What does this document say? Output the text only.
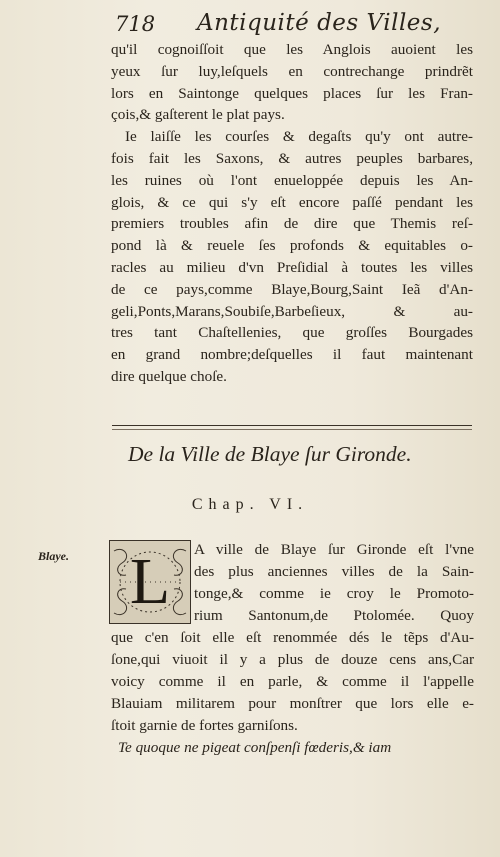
718 Antiquité des Villes,
qu'il cognoiſſoit que les Anglois auoient les
yeux ſur luy,leſquels en contrechange prindrẽt
lors en Saintonge quelques places ſur les Fran-
çois,& gaſterent le plat pays.
Ie laiſſe les courſes & degaſts qu'y ont autre-
fois fait les Saxons, & autres peuples barbares,
les ruines où l'ont enueloppée depuis les An-
glois, & ce qui s'y eſt encore paſſé pendant les
premiers troubles afin de dire que Themis reſ-
pond là & reuele ſes profonds & equitables o-
racles au milieu d'vn Preſidial à toutes les villes
de ce pays,comme Blaye,Bourg,Saint Ieã d'An-
geli,Ponts,Marans,Soubiſe,Barbeſieux, & au-
tres tant Chaſtellenies, que groſſes Bourgades
en grand nombre;deſquelles il faut maintenant
dire quelque choſe.
De la Ville de Blaye ſur Gironde.
Chap. VI.
Blaye. L	A ville de Blaye ſur Gironde eſt l'vne
des plus anciennes villes de la Sain-
tonge,& comme ie croy le Promoto-
rium Santonum,de Ptolomée. Quoy
que c'en ſoit elle eſt renommée dés le tẽps d'Au-
ſone,qui viuoit il y a plus de douze cens ans,Car
voicy comme il en parle, & comme il l'appelle
Blauiam militarem pour monſtrer que lors elle e-
ſtoit garnie de fortes garniſons.
Te quoque ne pigeat conſpenſi fœderis,& iam
